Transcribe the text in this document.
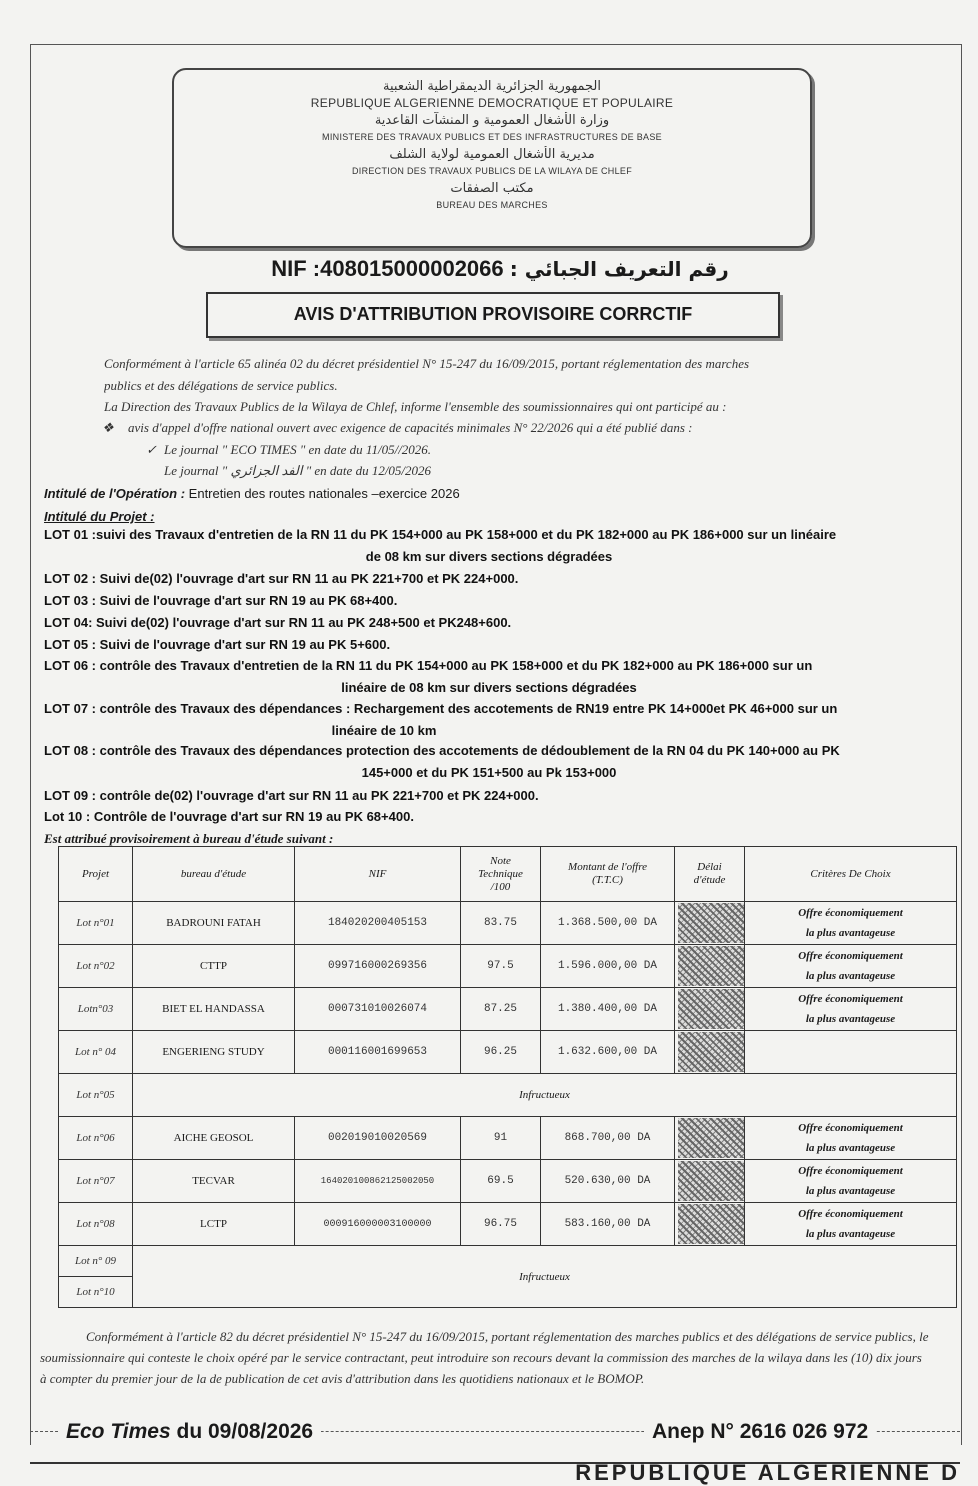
الجمهورية الجزائرية الديمقراطية الشعبية
REPUBLIQUE ALGERIENNE DEMOCRATIQUE ET POPULAIRE
وزارة الأشغال العمومية و المنشآت القاعدية
MINISTERE DES TRAVAUX PUBLICS ET DES INFRASTRUCTURES DE BASE
مديرية الأشغال العمومية لولاية الشلف
DIRECTION DES TRAVAUX PUBLICS DE LA WILAYA DE CHLEF
مكتب الصفقات
BUREAU DES MARCHES
NIF :408015000002066 : رقم التعريف الجبائي
AVIS D'ATTRIBUTION PROVISOIRE CORRCTIF
Conformément à l'article 65 alinéa 02 du décret présidentiel N° 15-247 du 16/09/2015, portant réglementation des marches
publics et des délégations de service publics.
La Direction des Travaux Publics de la Wilaya de Chlef, informe l'ensemble des soumissionnaires qui ont participé au :
❖ avis d'appel d'offre national ouvert avec exigence de capacités minimales N° 22/2026 qui a été publié dans :
✓ Le journal " ECO TIMES " en date du 11/05//2026.
Le journal " الفد الجزائري " en date du 12/05/2026
Intitulé de l'Opération : Entretien des routes nationales –exercice 2026
Intitulé du Projet :
LOT 01 :suivi des Travaux d'entretien de la RN 11 du PK 154+000 au PK 158+000 et du PK 182+000 au PK 186+000 sur un linéaire
de 08 km sur divers sections dégradées
LOT 02 : Suivi de(02) l'ouvrage d'art sur RN 11 au PK 221+700 et PK 224+000.
LOT 03 : Suivi de l'ouvrage d'art sur RN 19 au PK 68+400.
LOT 04: Suivi de(02) l'ouvrage d'art sur RN 11 au PK 248+500 et PK248+600.
LOT 05 : Suivi de l'ouvrage d'art sur RN 19 au PK 5+600.
LOT 06 : contrôle des Travaux d'entretien de la RN 11 du PK 154+000 au PK 158+000 et du PK 182+000 au PK 186+000 sur un
linéaire de 08 km sur divers sections dégradées
LOT 07 : contrôle des Travaux des dépendances : Rechargement des accotements de RN19 entre PK 14+000et PK 46+000 sur un
linéaire de 10 km
LOT 08 : contrôle des Travaux des dépendances protection des accotements de dédoublement de la RN 04 du PK 140+000 au PK
145+000 et du PK 151+500 au Pk 153+000
LOT 09 : contrôle de(02) l'ouvrage d'art sur RN 11 au PK 221+700 et PK 224+000.
Lot 10 : Contrôle de l'ouvrage d'art sur RN 19 au PK 68+400.
Est attribué provisoirement à bureau d'étude suivant :
Projet	bureau d'étude	NIF	Note
Technique
/100	Montant de l'offre
(T.T.C)	Délai
d'étude	Critères De Choix
Lot n°01	BADROUNI FATAH	184020200405153	83.75	1.368.500,00 DA		Offre économiquement
la plus avantageuse
Lot n°02	CTTP	099716000269356	97.5	1.596.000,00 DA		Offre économiquement
la plus avantageuse
Lotn°03	BIET EL HANDASSA	000731010026074	87.25	1.380.400,00 DA		Offre économiquement
la plus avantageuse
Lot n° 04	ENGERIENG STUDY	000116001699653	96.25	1.632.600,00 DA	

Lot n°05	Infructueux					
Lot n°06	AICHE GEOSOL	002019010020569	91	868.700,00 DA		Offre économiquement
la plus avantageuse
Lot n°07	TECVAR	164020100862125002050	69.5	520.630,00 DA		Offre économiquement
la plus avantageuse
Lot n°08	LCTP	000916000003100000	96.75	583.160,00 DA		Offre économiquement
la plus avantageuse
Lot n° 09	Infructueux					
Lot n°10						

Conformément à l'article 82 du décret présidentiel N° 15-247 du 16/09/2015, portant réglementation des marches publics et des délégations de service publics, le soumissionnaire qui conteste le choix opéré par le service contractant, peut introduire son recours devant la commission des marches de la wilaya dans les (10) dix jours à compter du premier jour de la de publication de cet avis d'attribution dans les quotidiens nationaux et le BOMOP.

Eco Times du 09/08/2026	Anep N° 2616 026 972
REPUBLIQUE ALGERIENNE D
